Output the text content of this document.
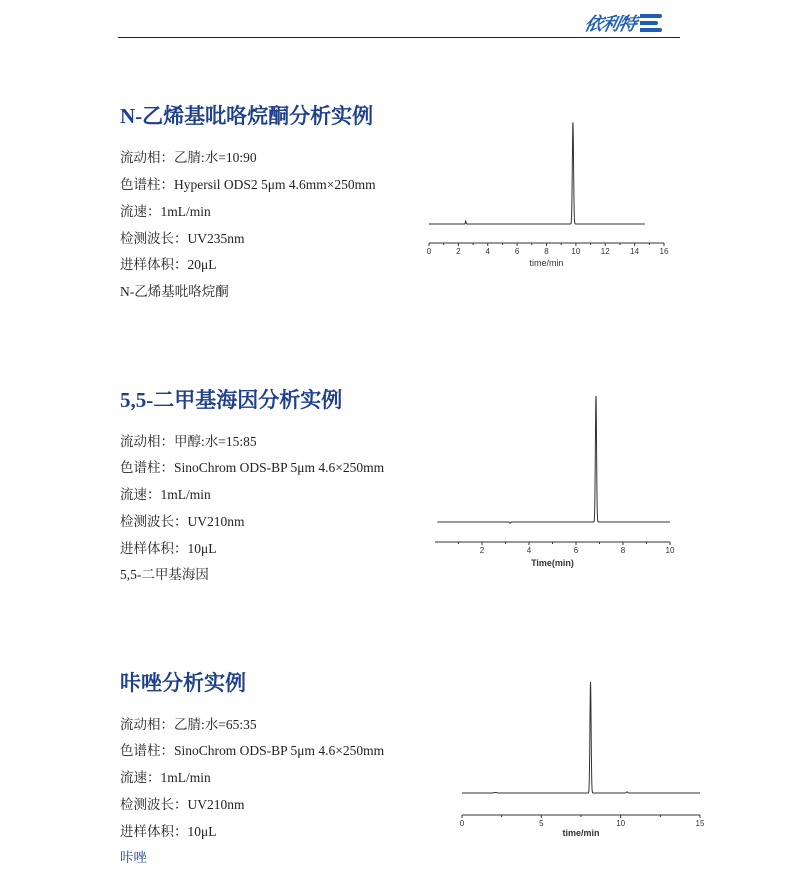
依利特
N-乙烯基吡咯烷酮分析实例
流动相：乙腈:水=10:90
色谱柱：Hypersil ODS2 5μm 4.6mm×250mm
流速：1mL/min
检测波长：UV235nm
进样体积：20μL
N-乙烯基吡咯烷酮
5,5-二甲基海因分析实例
流动相：甲醇:水=15:85
色谱柱：SinoChrom ODS-BP 5μm 4.6×250mm
流速：1mL/min
检测波长：UV210nm
进样体积：10μL
5,5-二甲基海因
咔唑分析实例
流动相：乙腈:水=65:35
色谱柱：SinoChrom ODS-BP 5μm 4.6×250mm
流速：1mL/min
检测波长：UV210nm
进样体积：10μL
咔唑
0	2	4	6	8	10	12	14	16
time/min
2	4	6	8	10
Time(min)
0	5	10	15
time/min
